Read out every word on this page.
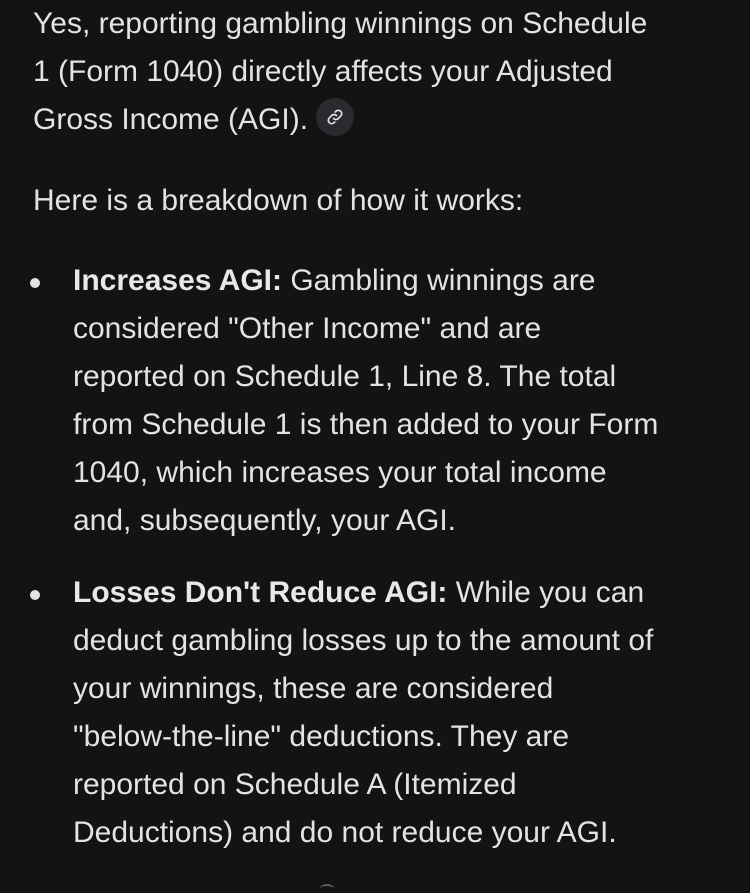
Yes, reporting gambling winnings on Schedule
1 (Form 1040) directly affects your Adjusted
Gross Income (AGI).

Here is a breakdown of how it works:

Increases AGI: Gambling winnings are
considered "Other Income" and are
reported on Schedule 1, Line 8. The total
from Schedule 1 is then added to your Form
1040, which increases your total income
and, subsequently, your AGI.
Losses Don't Reduce AGI: While you can
deduct gambling losses up to the amount of
your winnings, these are considered
"below-the-line" deductions. They are
reported on Schedule A (Itemized
Deductions) and do not reduce your AGI.
